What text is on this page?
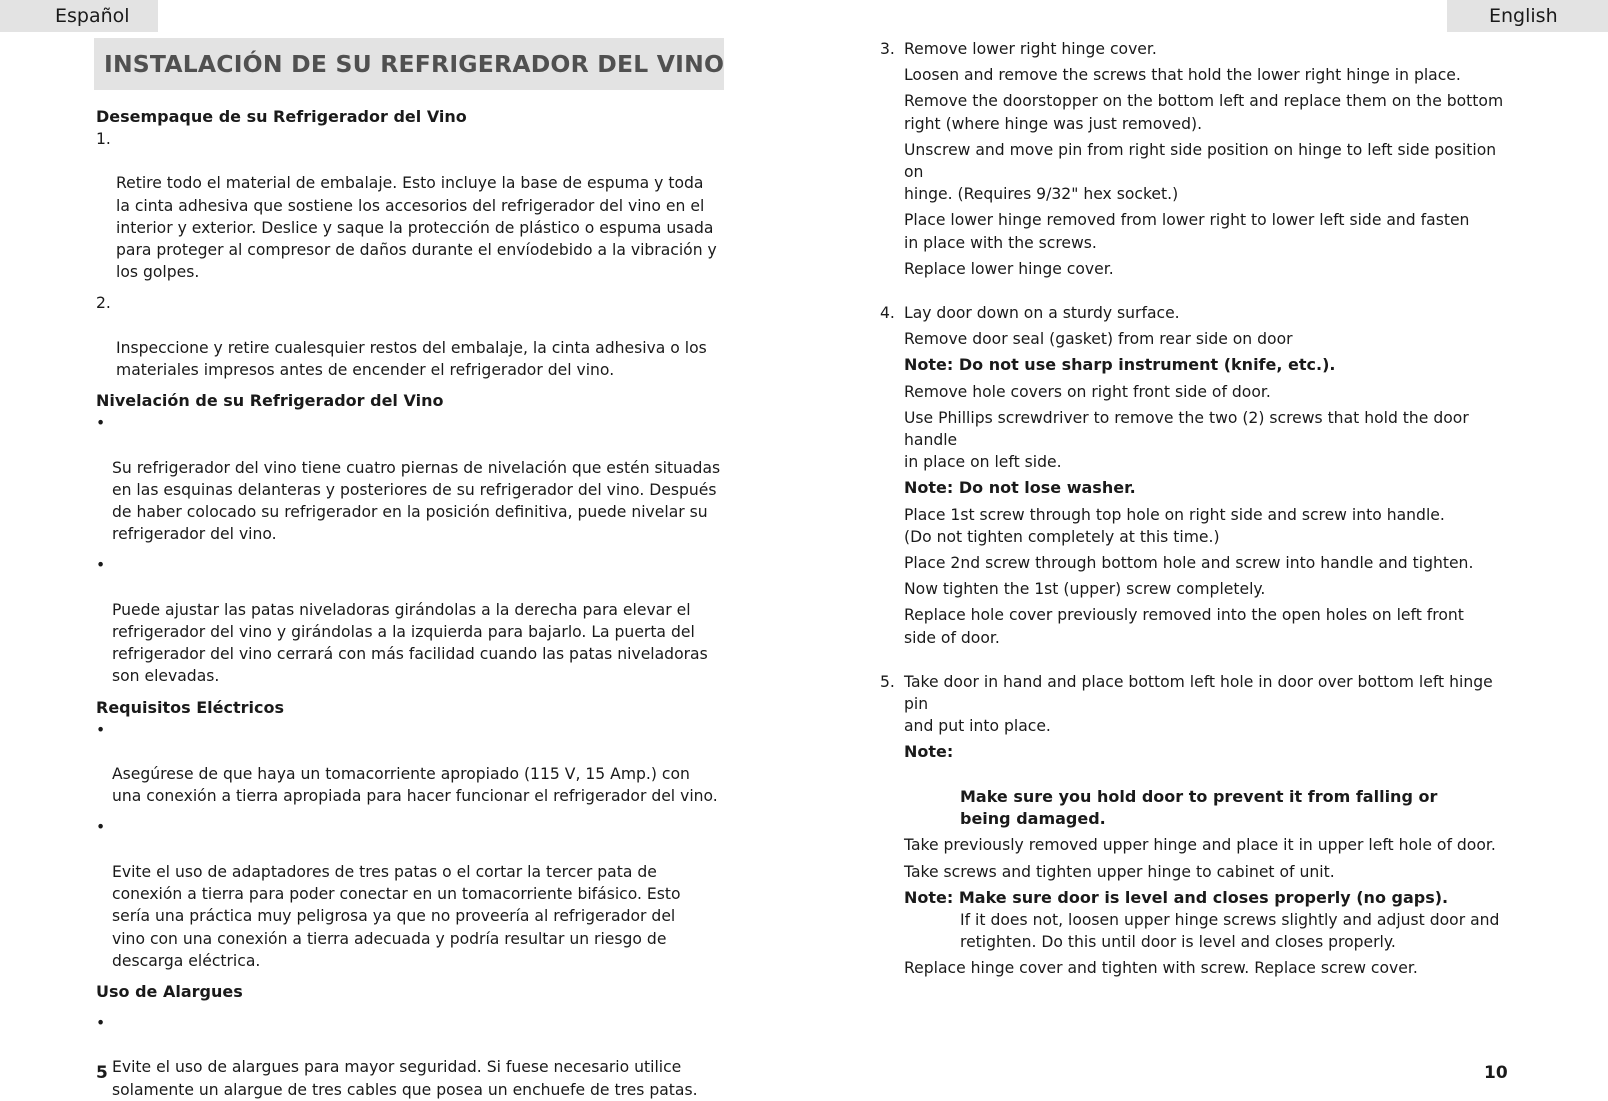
Español	English
INSTALACIÓN DE SU REFRIGERADOR DEL VINO
Desempaque de su Refrigerador del Vino

1.

Retire todo el material de embalaje. Esto incluye la base de espuma y toda
la cinta adhesiva que sostiene los accesorios del refrigerador del vino en el
interior y exterior. Deslice y saque la protección de plástico o espuma usada
para proteger al compresor de daños durante el envíodebido a la vibración y
los golpes.

2.

Inspeccione y retire cualesquier restos del embalaje, la cinta adhesiva o los
materiales impresos antes de encender el refrigerador del vino.

Nivelación de su Refrigerador del Vino

•

Su refrigerador del vino tiene cuatro piernas de nivelación que estén situadas
en las esquinas delanteras y posteriores de su refrigerador del vino. Después
de haber colocado su refrigerador en la posición definitiva, puede nivelar su
refrigerador del vino.

•

Puede ajustar las patas niveladoras girándolas a la derecha para elevar el
refrigerador del vino y girándolas a la izquierda para bajarlo. La puerta del
refrigerador del vino cerrará con más facilidad cuando las patas niveladoras
son elevadas.

Requisitos Eléctricos

•

Asegúrese de que haya un tomacorriente apropiado (115 V, 15 Amp.) con
una conexión a tierra apropiada para hacer funcionar el refrigerador del vino.

•

Evite el uso de adaptadores de tres patas o el cortar la tercer pata de
conexión a tierra para poder conectar en un tomacorriente bifásico. Esto
sería una práctica muy peligrosa ya que no proveería al refrigerador del
vino con una conexión a tierra adecuada y podría resultar un riesgo de
descarga eléctrica.

Uso de Alargues

•

Evite el uso de alargues para mayor seguridad. Si fuese necesario utilice
solamente un alargue de tres cables que posea un enchuefe de tres patas.

3. Remove lower right hinge cover.
Loosen and remove the screws that hold the lower right hinge in place.
Remove the doorstopper on the bottom left and replace them on the bottom
right (where hinge was just removed).
Unscrew and move pin from right side position on hinge to left side position on
hinge. (Requires 9/32" hex socket.)
Place lower hinge removed from lower right to lower left side and fasten
in place with the screws.
Replace lower hinge cover.
4. Lay door down on a sturdy surface.
Remove door seal (gasket) from rear side on door
Note: Do not use sharp instrument (knife, etc.).
Remove hole covers on right front side of door.
Use Phillips screwdriver to remove the two (2) screws that hold the door handle
in place on left side.
Note: Do not lose washer.
Place 1st screw through top hole on right side and screw into handle.
(Do not tighten completely at this time.)
Place 2nd screw through bottom hole and screw into handle and tighten.
Now tighten the 1st (upper) screw completely.
Replace hole cover previously removed into the open holes on left front
side of door.
5. Take door in hand and place bottom left hole in door over bottom left hinge pin
and put into place.

Note:

Make sure you hold door to prevent it from falling or
being damaged.

Take previously removed upper hinge and place it in upper left hole of door.
Take screws and tighten upper hinge to cabinet of unit.
Note: Make sure door is level and closes properly (no gaps).
If it does not, loosen upper hinge screws slightly and adjust door and
retighten. Do this until door is level and closes properly.
Replace hinge cover and tighten with screw. Replace screw cover.
5	10
